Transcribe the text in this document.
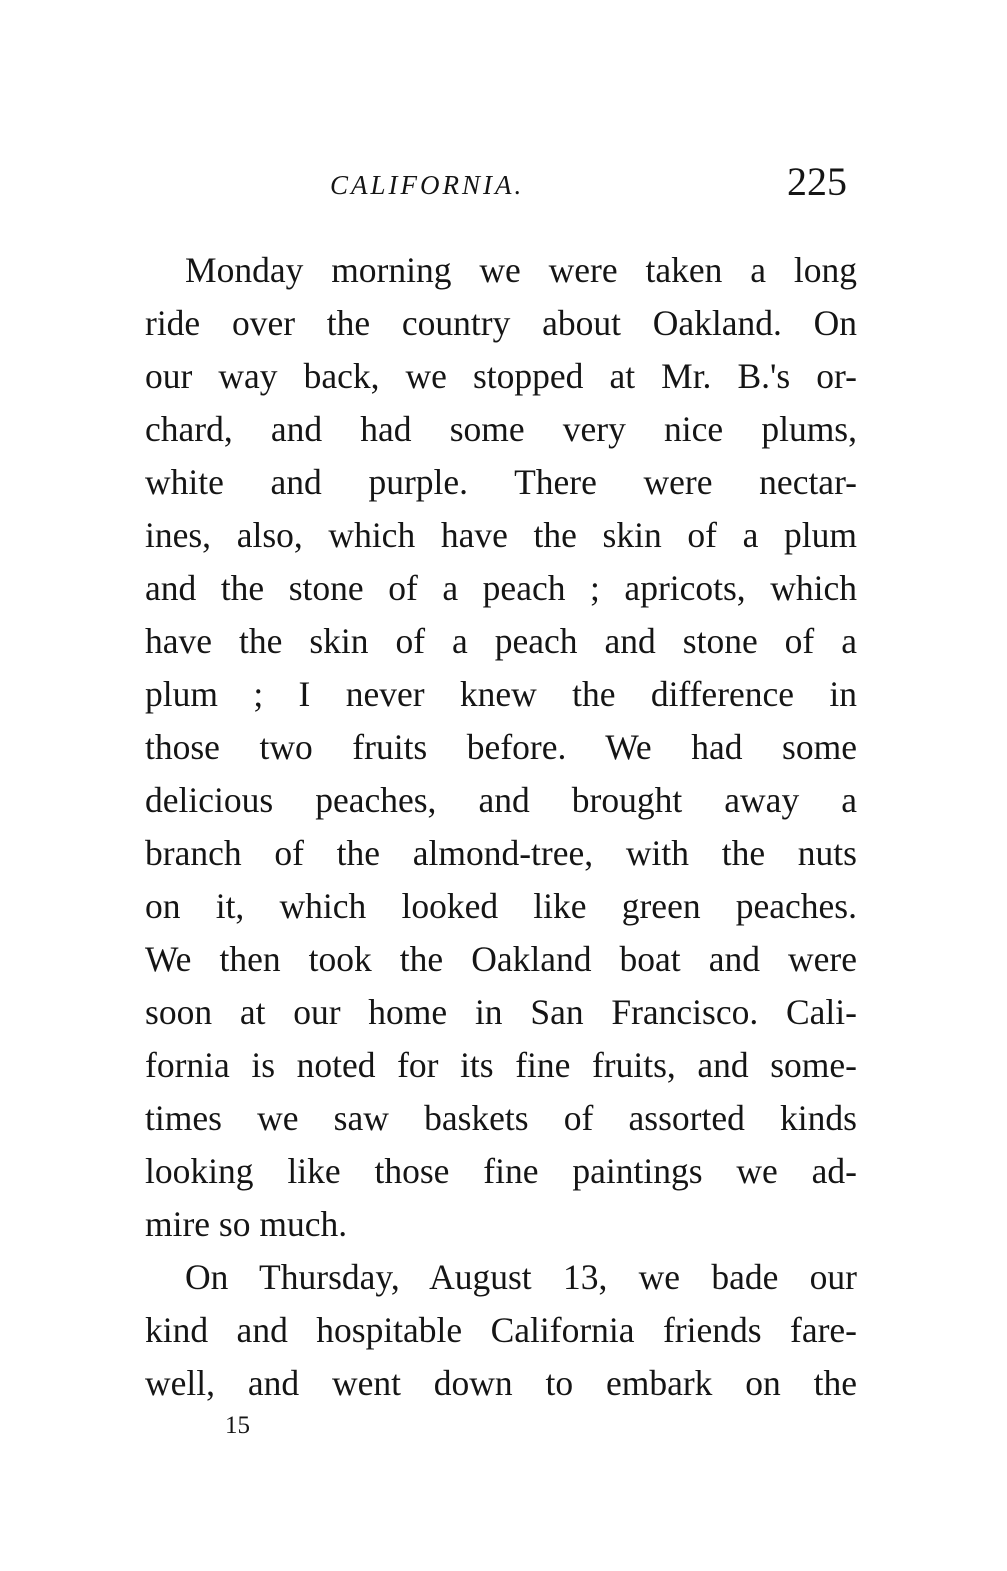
CALIFORNIA.	225
Monday morning we were taken a long
ride over the country about Oakland. On
our way back, we stopped at Mr. B.'s or-
chard, and had some very nice plums,
white and purple. There were nectar-
ines, also, which have the skin of a plum
and the stone of a peach ; apricots, which
have the skin of a peach and stone of a
plum ; I never knew the difference in
those two fruits before. We had some
delicious peaches, and brought away a
branch of the almond-tree, with the nuts
on it, which looked like green peaches.
We then took the Oakland boat and were
soon at our home in San Francisco. Cali-
fornia is noted for its fine fruits, and some-
times we saw baskets of assorted kinds
looking like those fine paintings we ad-
mire so much.
On Thursday, August 13, we bade our
kind and hospitable California friends fare-
well, and went down to embark on the
15
